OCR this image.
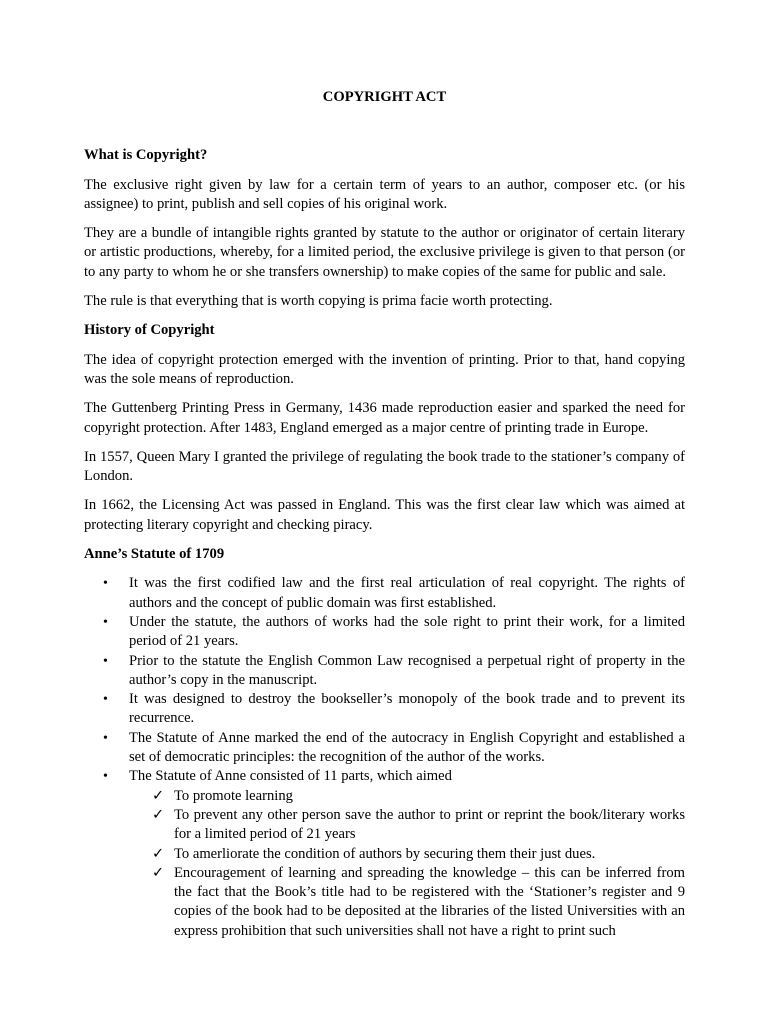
COPYRIGHT ACT
What is Copyright?

The exclusive right given by law for a certain term of years to an author, composer etc. (or his assignee) to print, publish and sell copies of his original work.

They are a bundle of intangible rights granted by statute to the author or originator of certain literary or artistic productions, whereby, for a limited period, the exclusive privilege is given to that person (or to any party to whom he or she transfers ownership) to make copies of the same for public and sale.

The rule is that everything that is worth copying is prima facie worth protecting.

History of Copyright

The idea of copyright protection emerged with the invention of printing. Prior to that, hand copying was the sole means of reproduction.

The Guttenberg Printing Press in Germany, 1436 made reproduction easier and sparked the need for copyright protection. After 1483, England emerged as a major centre of printing trade in Europe.

In 1557, Queen Mary I granted the privilege of regulating the book trade to the stationer’s company of London.

In 1662, the Licensing Act was passed in England. This was the first clear law which was aimed at protecting literary copyright and checking piracy.

Anne’s Statute of 1709
• It was the first codified law and the first real articulation of real copyright. The rights of authors and the concept of public domain was first established.
• Under the statute, the authors of works had the sole right to print their work, for a limited period of 21 years.
• Prior to the statute the English Common Law recognised a perpetual right of property in the author’s copy in the manuscript.
• It was designed to destroy the bookseller’s monopoly of the book trade and to prevent its recurrence.
• The Statute of Anne marked the end of the autocracy in English Copyright and established a set of democratic principles: the recognition of the author of the works.
• The Statute of Anne consisted of 11 parts, which aimed
✓ To promote learning
✓ To prevent any other person save the author to print or reprint the book/literary works for a limited period of 21 years
✓ To amerliorate the condition of authors by securing them their just dues.
✓ Encouragement of learning and spreading the knowledge – this can be inferred from the fact that the Book’s title had to be registered with the ‘Stationer’s register and 9 copies of the book had to be deposited at the libraries of the listed Universities with an express prohibition that such universities shall not have a right to print such
